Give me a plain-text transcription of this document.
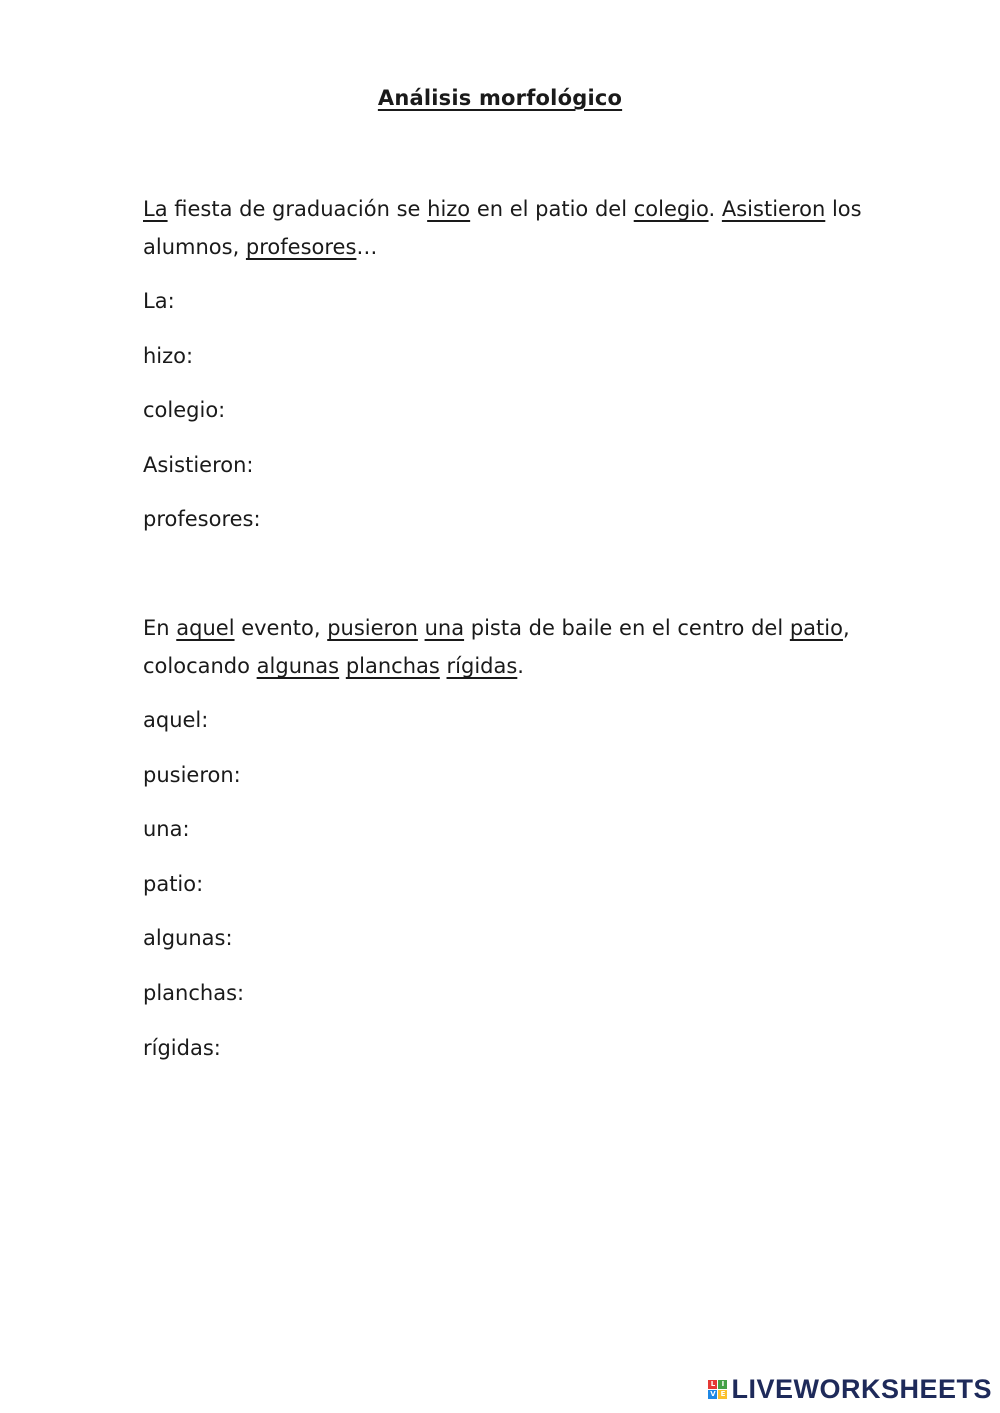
Análisis morfológico
La fiesta de graduación se hizo en el patio del colegio. Asistieron los alumnos, profesores…
La:
hizo:
colegio:
Asistieron:
profesores:
En aquel evento, pusieron una pista de baile en el centro del patio, colocando algunas planchas rígidas.
aquel:
pusieron:
una:
patio:
algunas:
planchas:
rígidas:
L I
V E LIVEWORKSHEETS
